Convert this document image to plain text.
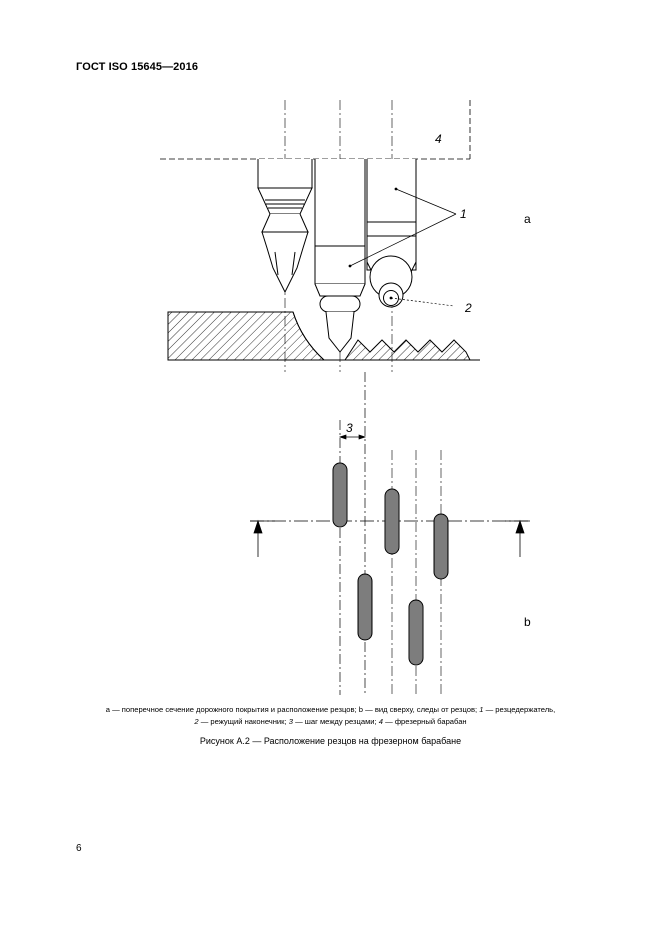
ГОСТ ISO 15645—2016
1
2
4
а
3
b
а — поперечное сечение дорожного покрытия и расположение резцов; b — вид сверху, следы от резцов; 1 — резцедержатель,
2 — режущий наконечник; 3 — шаг между резцами; 4 — фрезерный барабан
Рисунок А.2 — Расположение резцов на фрезерном барабане
6
